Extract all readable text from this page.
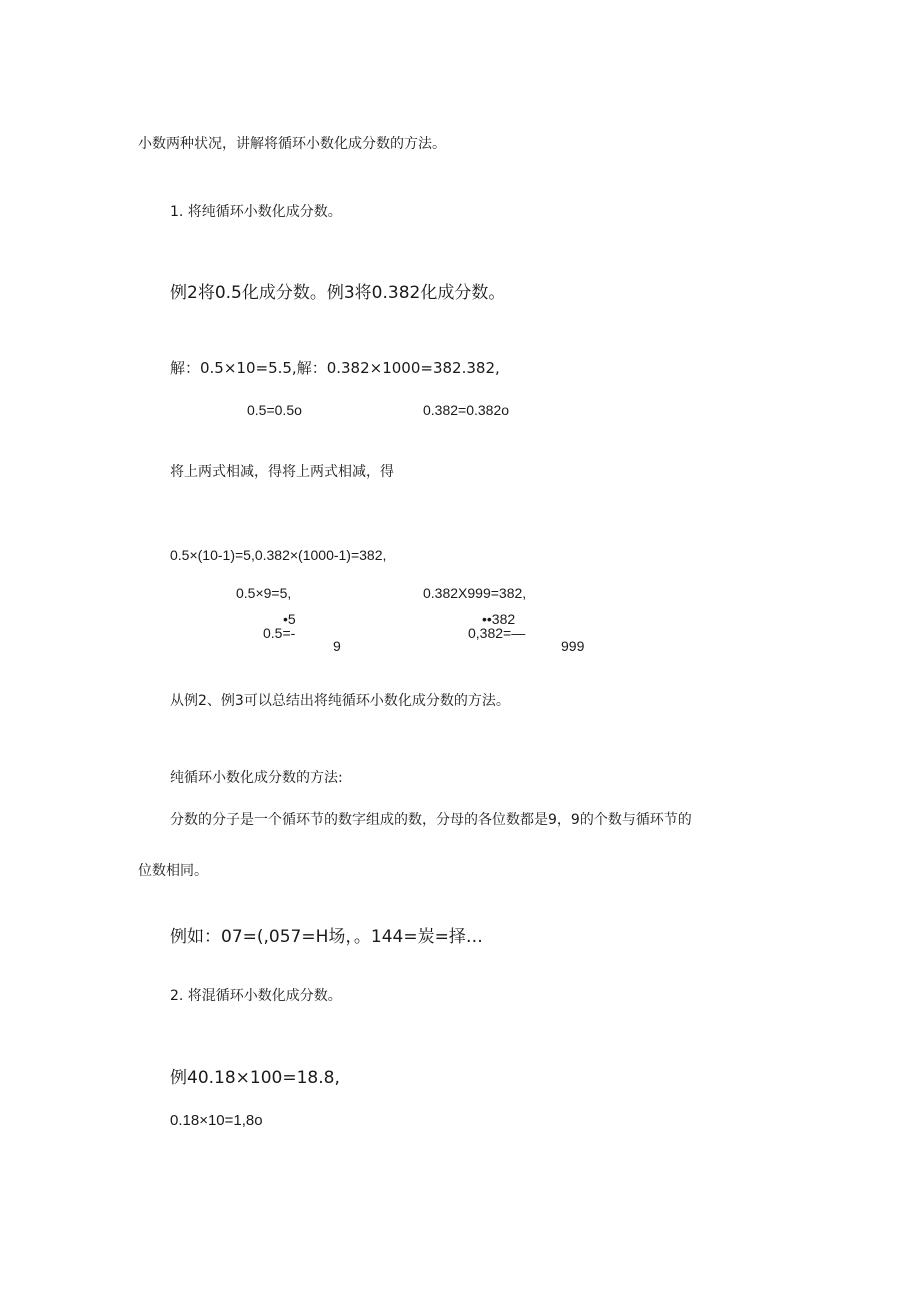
小数两种状况，讲解将循环小数化成分数的方法。
1. 将纯循环小数化成分数。
例2将0.5化成分数。例3将0.382化成分数。
解：0.5×10=5.5,解：0.382×1000=382.382,
0.5=0.5o	0.382=0.382o
将上两式相减，得将上两式相减，得
0.5×(10-1)=5,0.382×(1000-1)=382,
0.5×9=5,	0.382X999=382,
•5
0.5=-
9
••382
0,382=—
999
从例2、例3可以总结出将纯循环小数化成分数的方法。
纯循环小数化成分数的方法:
分数的分子是一个循环节的数字组成的数，分母的各位数都是9，9的个数与循环节的
位数相同。
例如：07=(,057=H场，。144=炭=择…
2. 将混循环小数化成分数。
例40.18×100=18.8,
0.18×10=1,8o
